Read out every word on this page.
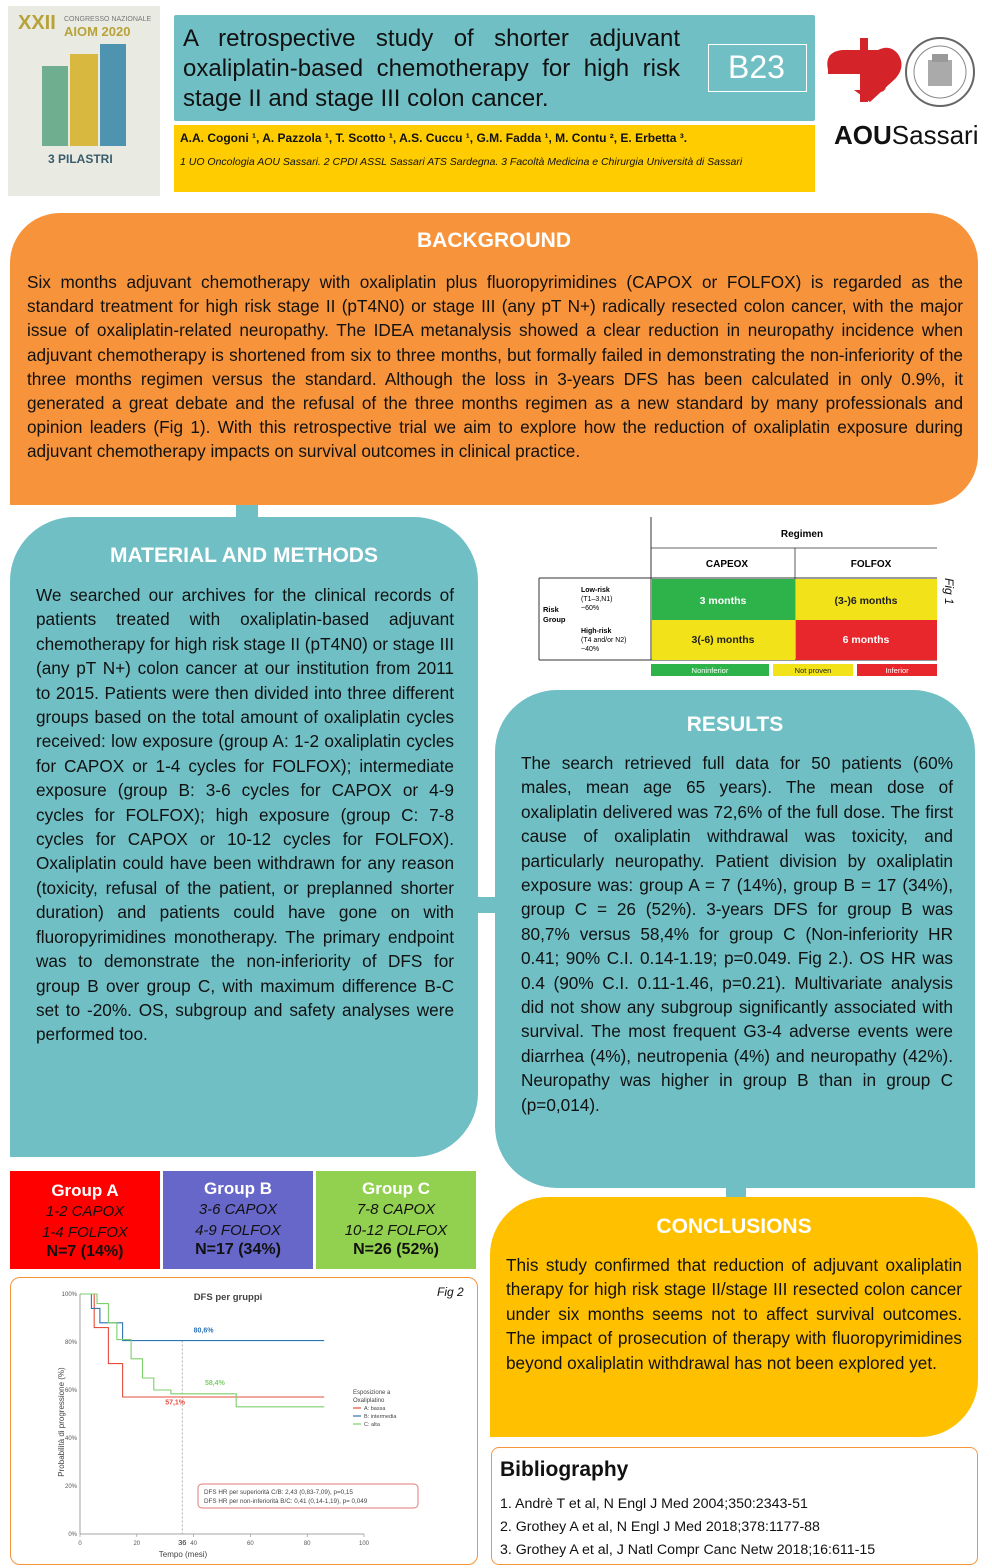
XXII CONGRESSO NAZIONALE
AIOM 2020
3 PILASTRI
A retrospective study of shorter adjuvant oxaliplatin-based chemotherapy for high risk stage II and stage III colon cancer.
B23
A.A. Cogoni ¹, A. Pazzola ¹, T. Scotto ¹, A.S. Cuccu ¹, G.M. Fadda ¹, M. Contu ², E. Erbetta ³.
1 UO Oncologia AOU Sassari. 2 CPDI ASSL Sassari ATS Sardegna. 3 Facoltà Medicina e Chirurgia Università di Sassari
AOUSassari
BACKGROUND
Six months adjuvant chemotherapy with oxaliplatin plus fluoropyrimidines (CAPOX or FOLFOX) is regarded as the standard treatment for high risk stage II (pT4N0) or stage III (any pT N+) radically resected colon cancer, with the major issue of oxaliplatin-related neuropathy. The IDEA metanalysis showed a clear reduction in neuropathy incidence when adjuvant chemotherapy is shortened from six to three months, but formally failed in demonstrating the non-inferiority of the three months regimen versus the standard. Although the loss in 3-years DFS has been calculated in only 0.9%, it generated a great debate and the refusal of the three months regimen as a new standard by many professionals and opinion leaders (Fig 1). With this retrospective trial we aim to explore how the reduction of oxaliplatin exposure during adjuvant chemotherapy impacts on survival outcomes in clinical practice.
MATERIAL AND METHODS
We searched our archives for the clinical records of patients treated with oxaliplatin-based adjuvant chemotherapy for high risk stage II (pT4N0) or stage III (any pT N+) colon cancer at our institution from 2011 to 2015. Patients were then divided into three different groups based on the total amount of oxaliplatin cycles received: low exposure (group A: 1-2 oxaliplatin cycles for CAPOX or 1-4 cycles for FOLFOX); intermediate exposure (group B: 3-6 cycles for CAPOX or 4-9 cycles for FOLFOX); high exposure (group C: 7-8 cycles for CAPOX or 10-12 cycles for FOLFOX). Oxaliplatin could have been withdrawn for any reason (toxicity, refusal of the patient, or preplanned shorter duration) and patients could have gone on with fluoropyrimidines monotherapy. The primary endpoint was to demonstrate the non-inferiority of DFS for group B over group C, with maximum difference B-C set to -20%. OS, subgroup and safety analyses were performed too.
Regimen
CAPEOX	FOLFOX
Risk
Group
Low-risk
(T1–3,N1)
~60%
High-risk
(T4 and/or N2)
~40%
3 months	(3-)6 months
3(-6) months	6 months
Noninferior	Not proven	Inferior
Fig 1
RESULTS
The search retrieved full data for 50 patients (60% males, mean age 65 years). The mean dose of oxaliplatin delivered was 72,6% of the full dose. The first cause of oxaliplatin withdrawal was toxicity, and particularly neuropathy. Patient division by oxaliplatin exposure was: group A = 7 (14%), group B = 17 (34%), group C = 26 (52%). 3-years DFS for group B was 80,7% versus 58,4% for group C (Non-inferiority HR 0.41; 90% C.I. 0.14-1.19; p=0.049. Fig 2.). OS HR was 0.4 (90% C.I. 0.11-1.46, p=0.21). Multivariate analysis did not show any subgroup significantly associated with survival. The most frequent G3-4 adverse events were diarrhea (4%), neutropenia (4%) and neuropathy (42%). Neuropathy was higher in group B than in group C (p=0,014).
Group A
1-2 CAPOX
1-4 FOLFOX
N=7 (14%)
Group B
3-6 CAPOX
4-9 FOLFOX
N=17 (34%)
Group C
7-8 CAPOX
10-12 FOLFOX
N=26 (52%)
DFS per gruppi
Tempo (mesi)
Probabilità di progressione (%)
0	20	40	60	80	100
0%
20%
40%
60%
80%
100%
36
57,1%
80,6%
58,4%
Esposizione a
Oxaliplatino
A: bassa
B: intermedia
C: alta
DFS HR per superiorità C/B: 2,43 (0,83-7,09), p=0,15
DFS HR per non-inferiorità B/C: 0,41 (0,14-1,19), p= 0,049
Fig 2
CONCLUSIONS
This study confirmed that reduction of adjuvant oxaliplatin therapy for high risk stage II/stage III resected colon cancer under six months seems not to affect survival outcomes. The impact of prosecution of therapy with fluoropyrimidines beyond oxaliplatin withdrawal has not been explored yet.
Bibliography
1. Andrè T et al, N Engl J Med 2004;350:2343-51
2. Grothey A et al, N Engl J Med 2018;378:1177-88
3. Grothey A et al, J Natl Compr Canc Netw 2018;16:611-15
